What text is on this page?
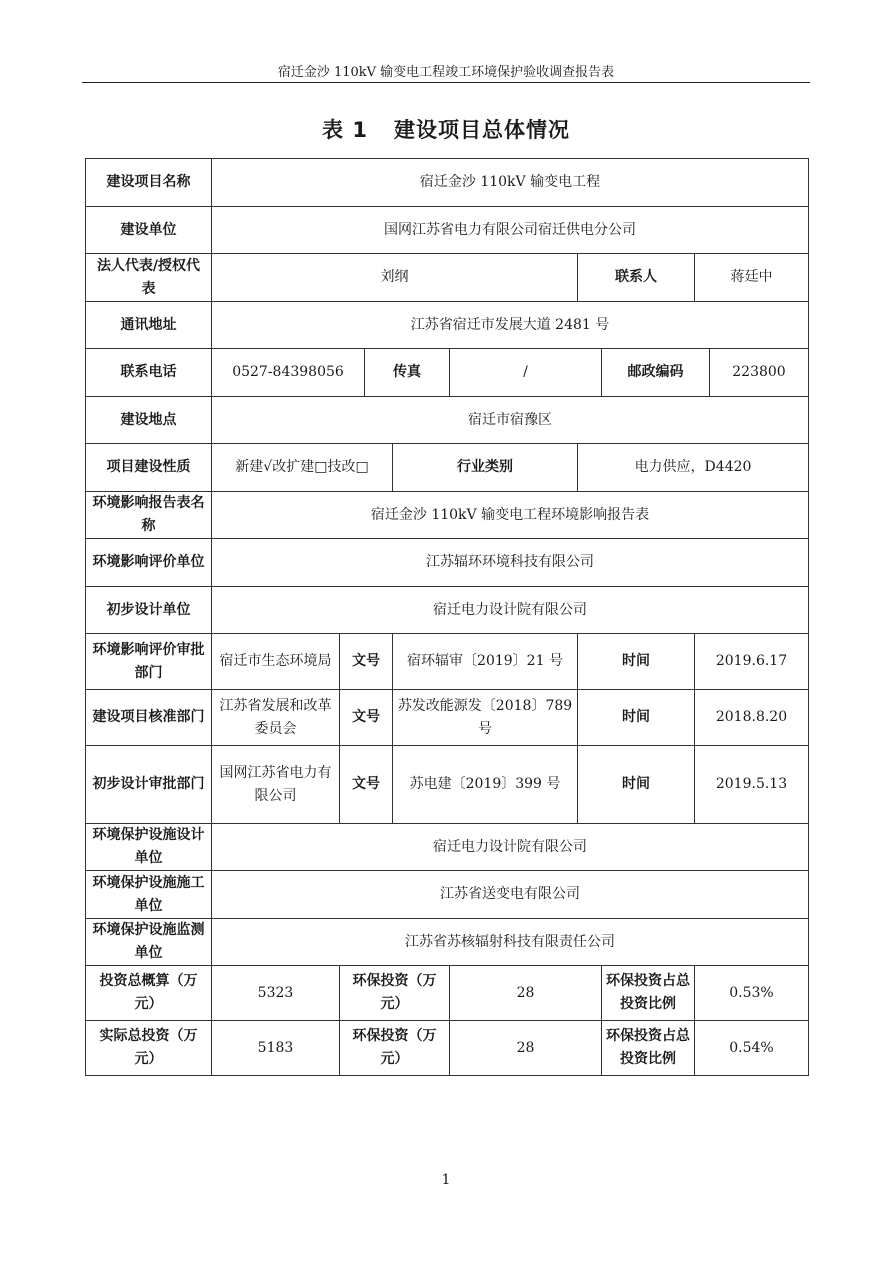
宿迁金沙 110kV 输变电工程竣工环境保护验收调查报告表
表 1 建设项目总体情况
建设项目名称	宿迁金沙 110kV 输变电工程								
建设单位	国网江苏省电力有限公司宿迁供电分公司								
法人代表/授权代表	刘纲					联系人		蒋廷中	
通讯地址	江苏省宿迁市发展大道 2481 号								
联系电话	0527-84398056		传真		/		邮政编码		223800
建设地点	宿迁市宿豫区								
项目建设性质	新建√改扩建□技改□			行业类别		电力供应，D4420			
环境影响报告表名称	宿迁金沙 110kV 输变电工程环境影响报告表								
环境影响评价单位	江苏辐环环境科技有限公司								
初步设计单位	宿迁电力设计院有限公司								
环境影响评价审批部门	宿迁市生态环境局	文号		宿环辐审〔2019〕21 号		时间		2019.6.17	
建设项目核准部门	江苏省发展和改革委员会	文号		苏发改能源发〔2018〕789 号		时间		2018.8.20	
初步设计审批部门	国网江苏省电力有限公司	文号		苏电建〔2019〕399 号		时间		2019.5.13	
环境保护设施设计单位	宿迁电力设计院有限公司								
环境保护设施施工单位	江苏省送变电有限公司								
环境保护设施监测单位	江苏省苏核辐射科技有限责任公司								
投资总概算（万元）	5323	环保投资（万元）			28		环保投资占总投资比例	0.53%	
实际总投资（万元）	5183	环保投资（万元）			28		环保投资占总投资比例	0.54%	
1
